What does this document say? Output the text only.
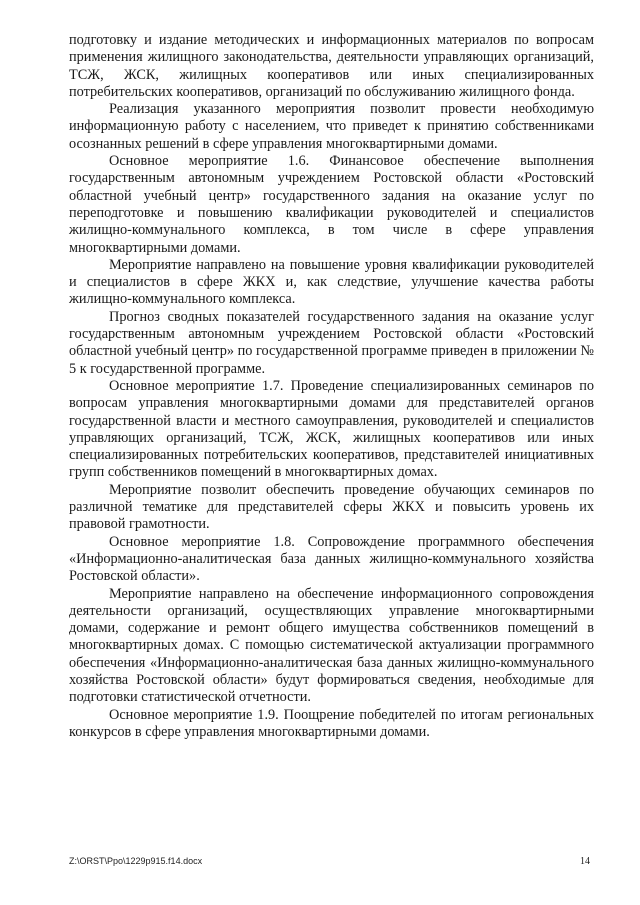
подготовку и издание методических и информационных материалов по вопросам применения жилищного законодательства, деятельности управляющих организаций, ТСЖ, ЖСК, жилищных кооперативов или иных специализированных потребительских кооперативов, организаций по обслуживанию жилищного фонда.

Реализация указанного мероприятия позволит провести необходимую информационную работу с населением, что приведет к принятию собственниками осознанных решений в сфере управления многоквартирными домами.

Основное мероприятие 1.6. Финансовое обеспечение выполнения государственным автономным учреждением Ростовской области «Ростовский областной учебный центр» государственного задания на оказание услуг по переподготовке и повышению квалификации руководителей и специалистов жилищно-коммунального комплекса, в том числе в сфере управления многоквартирными домами.

Мероприятие направлено на повышение уровня квалификации руководителей и специалистов в сфере ЖКХ и, как следствие, улучшение качества работы жилищно-коммунального комплекса.

Прогноз сводных показателей государственного задания на оказание услуг государственным автономным учреждением Ростовской области «Ростовский областной учебный центр» по государственной программе приведен в приложении № 5 к государственной программе.

Основное мероприятие 1.7. Проведение специализированных семинаров по вопросам управления многоквартирными домами для представителей органов государственной власти и местного самоуправления, руководителей и специалистов управляющих организаций, ТСЖ, ЖСК, жилищных кооперативов или иных специализированных потребительских кооперативов, представителей инициативных групп собственников помещений в многоквартирных домах.

Мероприятие позволит обеспечить проведение обучающих семинаров по различной тематике для представителей сферы ЖКХ и повысить уровень их правовой грамотности.

Основное мероприятие 1.8. Сопровождение программного обеспечения «Информационно-аналитическая база данных жилищно-коммунального хозяйства Ростовской области».

Мероприятие направлено на обеспечение информационного сопровождения деятельности организаций, осуществляющих управление многоквартирными домами, содержание и ремонт общего имущества собственников помещений в многоквартирных домах. С помощью систематической актуализации программного обеспечения «Информационно-аналитическая база данных жилищно-коммунального хозяйства Ростовской области» будут формироваться сведения, необходимые для подготовки статистической отчетности.

Основное мероприятие 1.9. Поощрение победителей по итогам региональных конкурсов в сфере управления многоквартирными домами.

Z:\ORST\Ppo\1229p915.f14.docx	14
